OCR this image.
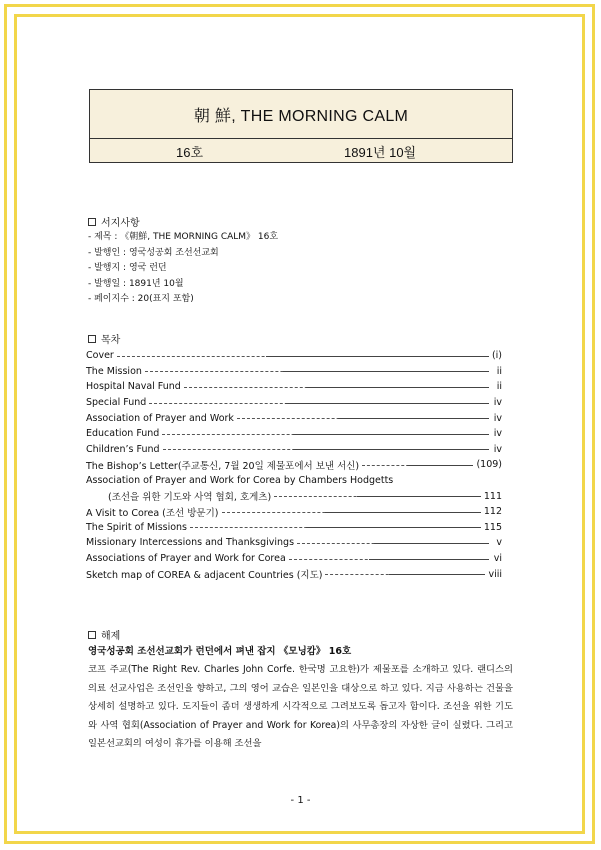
朝 鮮, THE MORNING CALM
16호	1891년 10월
서지사항
- 제목 : 《朝鮮, THE MORNING CALM》 16호
- 발행인 : 영국성공회 조선선교회
- 발행지 : 영국 런던
- 발행일 : 1891년 10월
- 페이지수 : 20(표지 포함)
목차
Cover	(i)
The Mission	ii
Hospital Naval Fund	ii
Special Fund	iv
Association of Prayer and Work	iv
Education Fund	iv
Children’s Fund	iv
The Bishop’s Letter(주교통신, 7월 20일 제물포에서 보낸 서신)	(109)
Association of Prayer and Work for Corea by Chambers Hodgetts
(조선을 위한 기도와 사역 협회, 호게츠)	111
A Visit to Corea (조선 방문기)	112
The Spirit of Missions	115
Missionary Intercessions and Thanksgivings	v
Associations of Prayer and Work for Corea	vi
Sketch map of COREA & adjacent Countries (지도)	viii
해제
영국성공회 조선선교회가 런던에서 펴낸 잡지 《모닝캄》 16호
코프 주교(The Right Rev. Charles John Corfe. 한국명 고요한)가 제물포를 소개하고 있다. 랜디스의 의료 선교사업은 조선인을 향하고, 그의 영어 교습은 일본인을 대상으로 하고 있다. 지금 사용하는 건물을 상세히 설명하고 있다. 도지들이 좀더 생생하게 시각적으로 그려보도록 돕고자 함이다. 조선을 위한 기도와 사역 협회(Association of Prayer and Work for Korea)의 사무총장의 자상한 글이 실렸다. 그리고 일본선교회의 여성이 휴가를 이용해 조선을
- 1 -
